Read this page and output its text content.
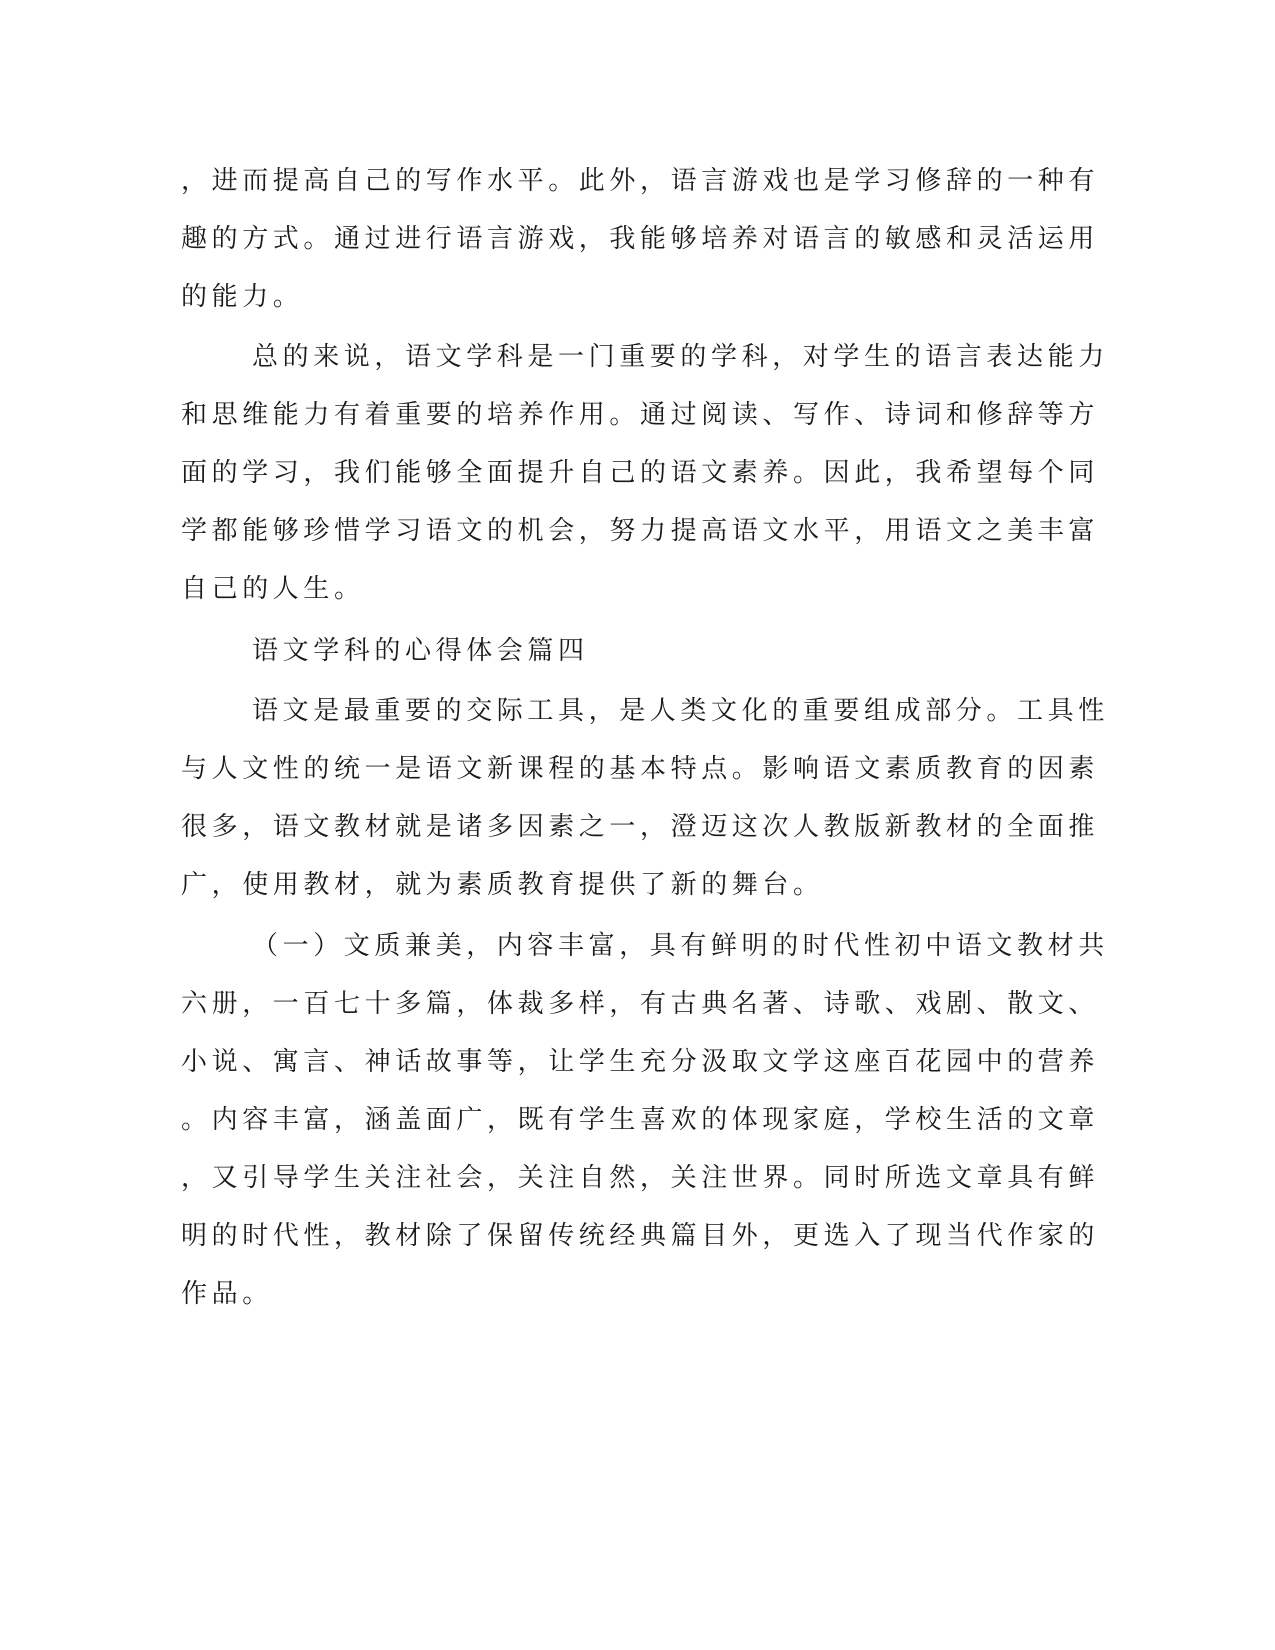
，进而提高自己的写作水平。此外，语言游戏也是学习修辞的一种有
趣的方式。通过进行语言游戏，我能够培养对语言的敏感和灵活运用
的能力。
总的来说，语文学科是一门重要的学科，对学生的语言表达能力
和思维能力有着重要的培养作用。通过阅读、写作、诗词和修辞等方
面的学习，我们能够全面提升自己的语文素养。因此，我希望每个同
学都能够珍惜学习语文的机会，努力提高语文水平，用语文之美丰富
自己的人生。
语文学科的心得体会篇四
语文是最重要的交际工具，是人类文化的重要组成部分。工具性
与人文性的统一是语文新课程的基本特点。影响语文素质教育的因素
很多，语文教材就是诸多因素之一，澄迈这次人教版新教材的全面推
广，使用教材，就为素质教育提供了新的舞台。
（一）文质兼美，内容丰富，具有鲜明的时代性初中语文教材共
六册，一百七十多篇，体裁多样，有古典名著、诗歌、戏剧、散文、
小说、寓言、神话故事等，让学生充分汲取文学这座百花园中的营养
。内容丰富，涵盖面广，既有学生喜欢的体现家庭，学校生活的文章
，又引导学生关注社会，关注自然，关注世界。同时所选文章具有鲜
明的时代性，教材除了保留传统经典篇目外，更选入了现当代作家的
作品。
